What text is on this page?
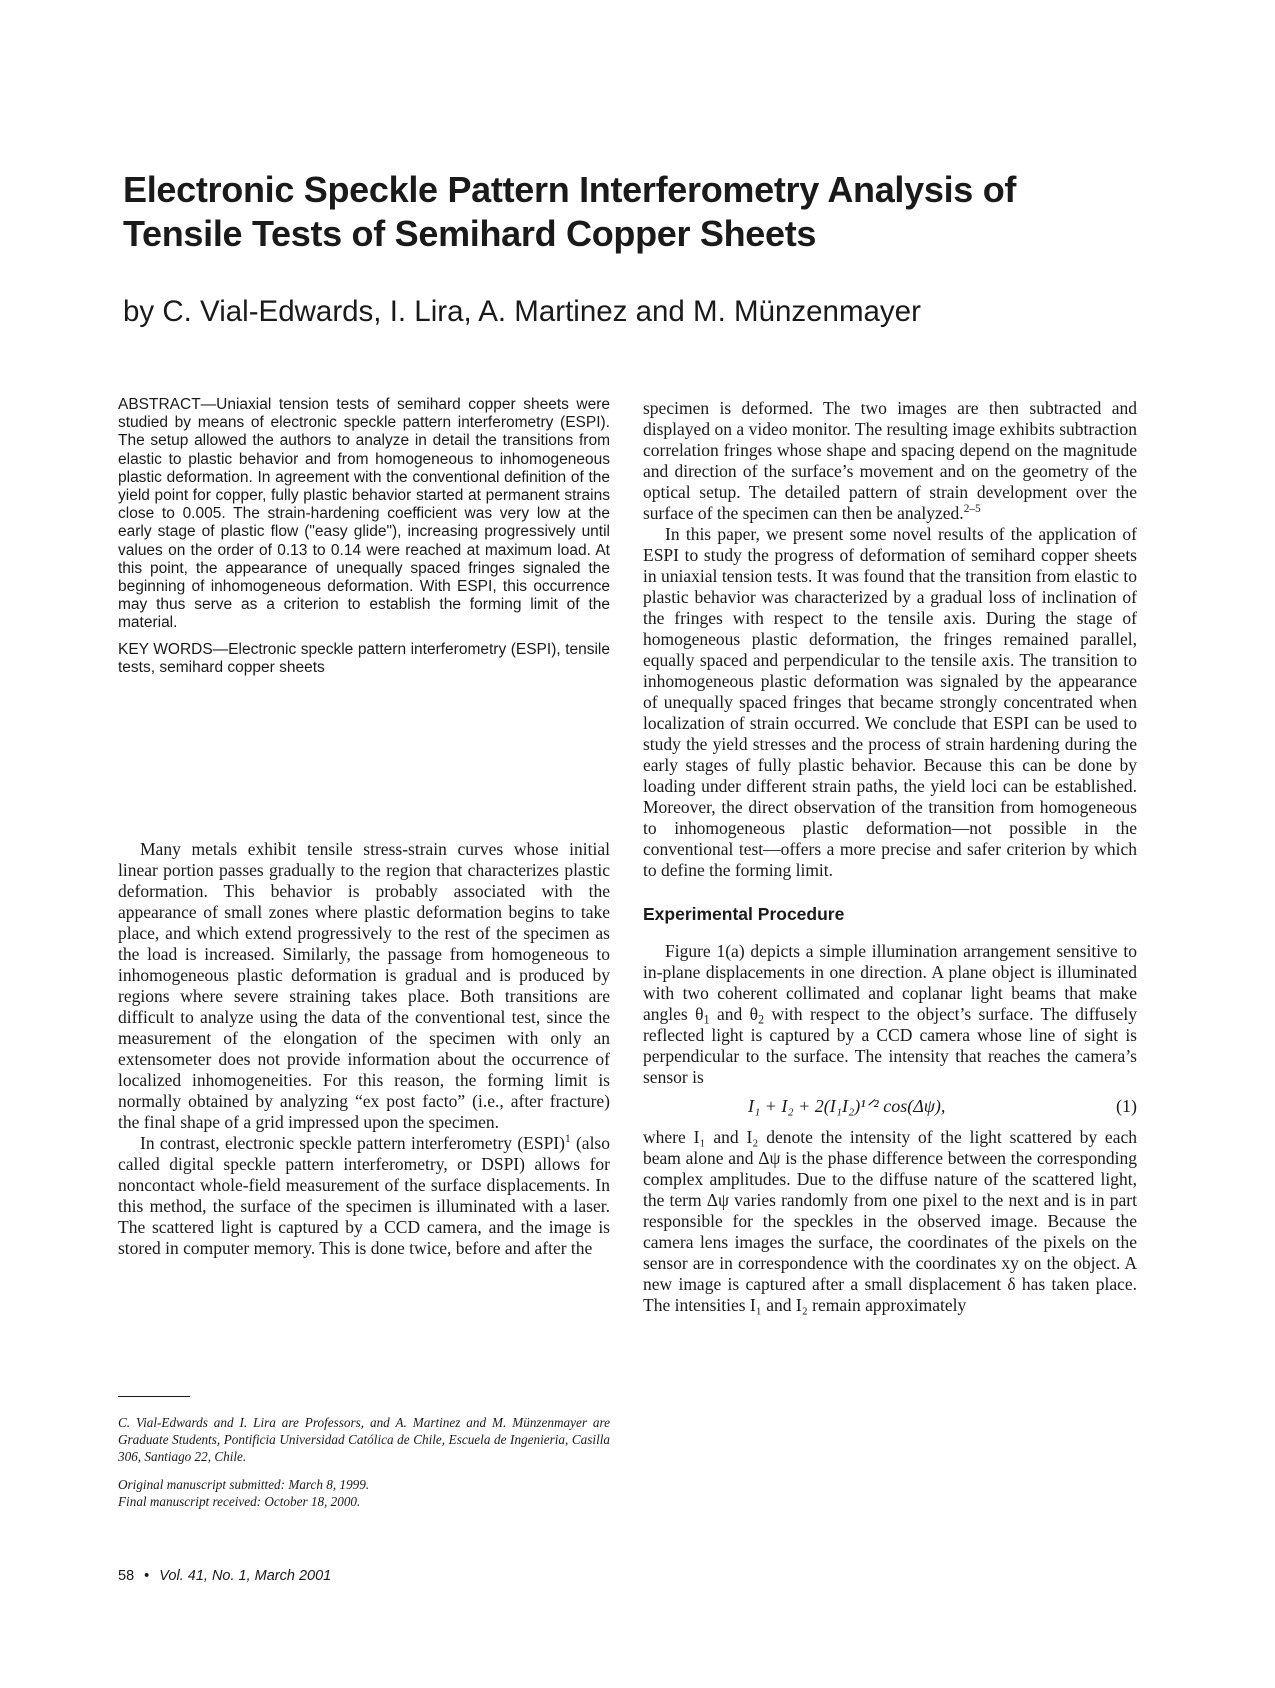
Electronic Speckle Pattern Interferometry Analysis of
Tensile Tests of Semihard Copper Sheets
by C. Vial-Edwards, I. Lira, A. Martinez and M. Münzenmayer

ABSTRACT—Uniaxial tension tests of semihard copper sheets were studied by means of electronic speckle pattern interferometry (ESPI). The setup allowed the authors to analyze in detail the transitions from elastic to plastic behavior and from homogeneous to inhomogeneous plastic deformation. In agreement with the conventional definition of the yield point for copper, fully plastic behavior started at permanent strains close to 0.005. The strain-hardening coefficient was very low at the early stage of plastic flow ("easy glide"), increasing progressively until values on the order of 0.13 to 0.14 were reached at maximum load. At this point, the appearance of unequally spaced fringes signaled the beginning of inhomogeneous deformation. With ESPI, this occurrence may thus serve as a criterion to establish the forming limit of the material.

KEY WORDS—Electronic speckle pattern interferometry (ESPI), tensile tests, semihard copper sheets

Many metals exhibit tensile stress-strain curves whose initial linear portion passes gradually to the region that characterizes plastic deformation. This behavior is probably associated with the appearance of small zones where plastic deformation begins to take place, and which extend progressively to the rest of the specimen as the load is increased. Similarly, the passage from homogeneous to inhomogeneous plastic deformation is gradual and is produced by regions where severe straining takes place. Both transitions are difficult to analyze using the data of the conventional test, since the measurement of the elongation of the specimen with only an extensometer does not provide information about the occurrence of localized inhomogeneities. For this reason, the forming limit is normally obtained by analyzing “ex post facto” (i.e., after fracture) the final shape of a grid impressed upon the specimen.

In contrast, electronic speckle pattern interferometry (ESPI)$^1$ (also called digital speckle pattern interferometry, or DSPI) allows for noncontact whole-field measurement of the surface displacements. In this method, the surface of the specimen is illuminated with a laser. The scattered light is captured by a CCD camera, and the image is stored in computer memory. This is done twice, before and after the

specimen is deformed. The two images are then subtracted and displayed on a video monitor. The resulting image exhibits subtraction correlation fringes whose shape and spacing depend on the magnitude and direction of the surface’s movement and on the geometry of the optical setup. The detailed pattern of strain development over the surface of the specimen can then be analyzed.$^{2-5}$

In this paper, we present some novel results of the application of ESPI to study the progress of deformation of semihard copper sheets in uniaxial tension tests. It was found that the transition from elastic to plastic behavior was characterized by a gradual loss of inclination of the fringes with respect to the tensile axis. During the stage of homogeneous plastic deformation, the fringes remained parallel, equally spaced and perpendicular to the tensile axis. The transition to inhomogeneous plastic deformation was signaled by the appearance of unequally spaced fringes that became strongly concentrated when localization of strain occurred. We conclude that ESPI can be used to study the yield stresses and the process of strain hardening during the early stages of fully plastic behavior. Because this can be done by loading under different strain paths, the yield loci can be established. Moreover, the direct observation of the transition from homogeneous to inhomogeneous plastic deformation—not possible in the conventional test—offers a more precise and safer criterion by which to define the forming limit.

Experimental Procedure

Figure 1(a) depicts a simple illumination arrangement sensitive to in-plane displacements in one direction. A plane object is illuminated with two coherent collimated and coplanar light beams that make angles $\theta_1$ and $\theta_2$ with respect to the object’s surface. The diffusely reflected light is captured by a CCD camera whose line of sight is perpendicular to the surface. The intensity that reaches the camera’s sensor is

I₁ + I₂ + 2(I₁I₂)¹ᐟ² cos(Δψ),	(1)

where I₁ and I₂ denote the intensity of the light scattered by each beam alone and Δψ is the phase difference between the corresponding complex amplitudes. Due to the diffuse nature of the scattered light, the term Δψ varies randomly from one pixel to the next and is in part responsible for the speckles in the observed image. Because the camera lens images the surface, the coordinates of the pixels on the sensor are in correspondence with the coordinates xy on the object. A new image is captured after a small displacement δ has taken place. The intensities I₁ and I₂ remain approximately

C. Vial-Edwards and I. Lira are Professors, and A. Martinez and M. Münzenmayer are Graduate Students, Pontificia Universidad Católica de Chile, Escuela de Ingenieria, Casilla 306, Santiago 22, Chile.
Original manuscript submitted: March 8, 1999.
Final manuscript received: October 18, 2000.
58 • Vol. 41, No. 1, March 2001
